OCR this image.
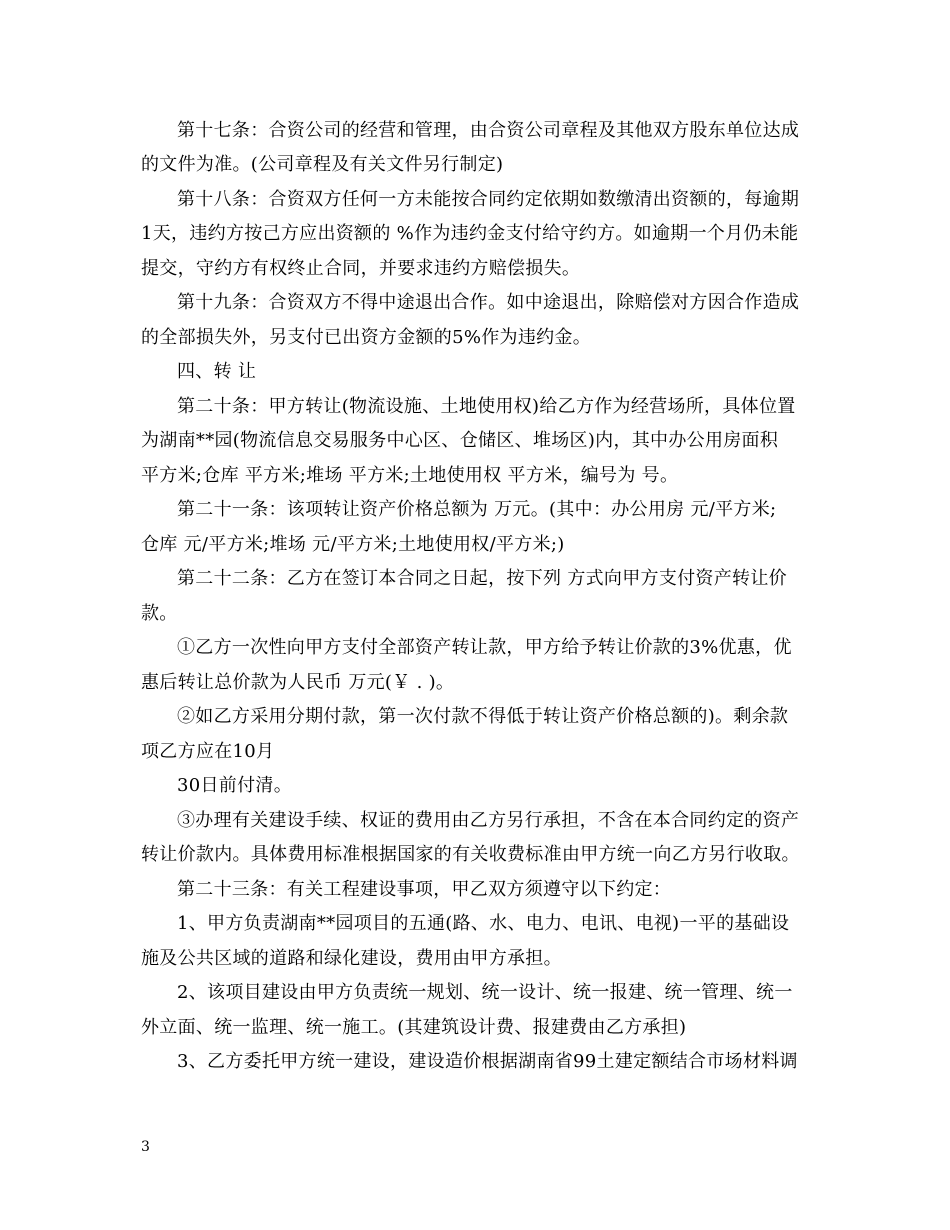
第十七条：合资公司的经营和管理，由合资公司章程及其他双方股东单位达成
的文件为准。(公司章程及有关文件另行制定)
第十八条：合资双方任何一方未能按合同约定依期如数缴清出资额的，每逾期
1天，违约方按己方应出资额的 %作为违约金支付给守约方。如逾期一个月仍未能
提交，守约方有权终止合同，并要求违约方赔偿损失。
第十九条：合资双方不得中途退出合作。如中途退出，除赔偿对方因合作造成
的全部损失外，另支付已出资方金额的5%作为违约金。
四、转 让
第二十条：甲方转让(物流设施、土地使用权)给乙方作为经营场所，具体位置
为湖南**园(物流信息交易服务中心区、仓储区、堆场区)内，其中办公用房面积
平方米;仓库 平方米;堆场 平方米;土地使用权 平方米，编号为 号。
第二十一条：该项转让资产价格总额为 万元。(其中：办公用房 元/平方米;
仓库 元/平方米;堆场 元/平方米;土地使用权/平方米;)
第二十二条：乙方在签订本合同之日起，按下列 方式向甲方支付资产转让价
款。
①乙方一次性向甲方支付全部资产转让款，甲方给予转让价款的3%优惠，优
惠后转让总价款为人民币 万元(￥ . )。
②如乙方采用分期付款，第一次付款不得低于转让资产价格总额的)。剩余款
项乙方应在10月
30日前付清。
③办理有关建设手续、权证的费用由乙方另行承担，不含在本合同约定的资产
转让价款内。具体费用标准根据国家的有关收费标准由甲方统一向乙方另行收取。
第二十三条：有关工程建设事项，甲乙双方须遵守以下约定：
1、甲方负责湖南**园项目的五通(路、水、电力、电讯、电视)一平的基础设
施及公共区域的道路和绿化建设，费用由甲方承担。
2、该项目建设由甲方负责统一规划、统一设计、统一报建、统一管理、统一
外立面、统一监理、统一施工。(其建筑设计费、报建费由乙方承担)
3、乙方委托甲方统一建设，建设造价根据湖南省99土建定额结合市场材料调
3
